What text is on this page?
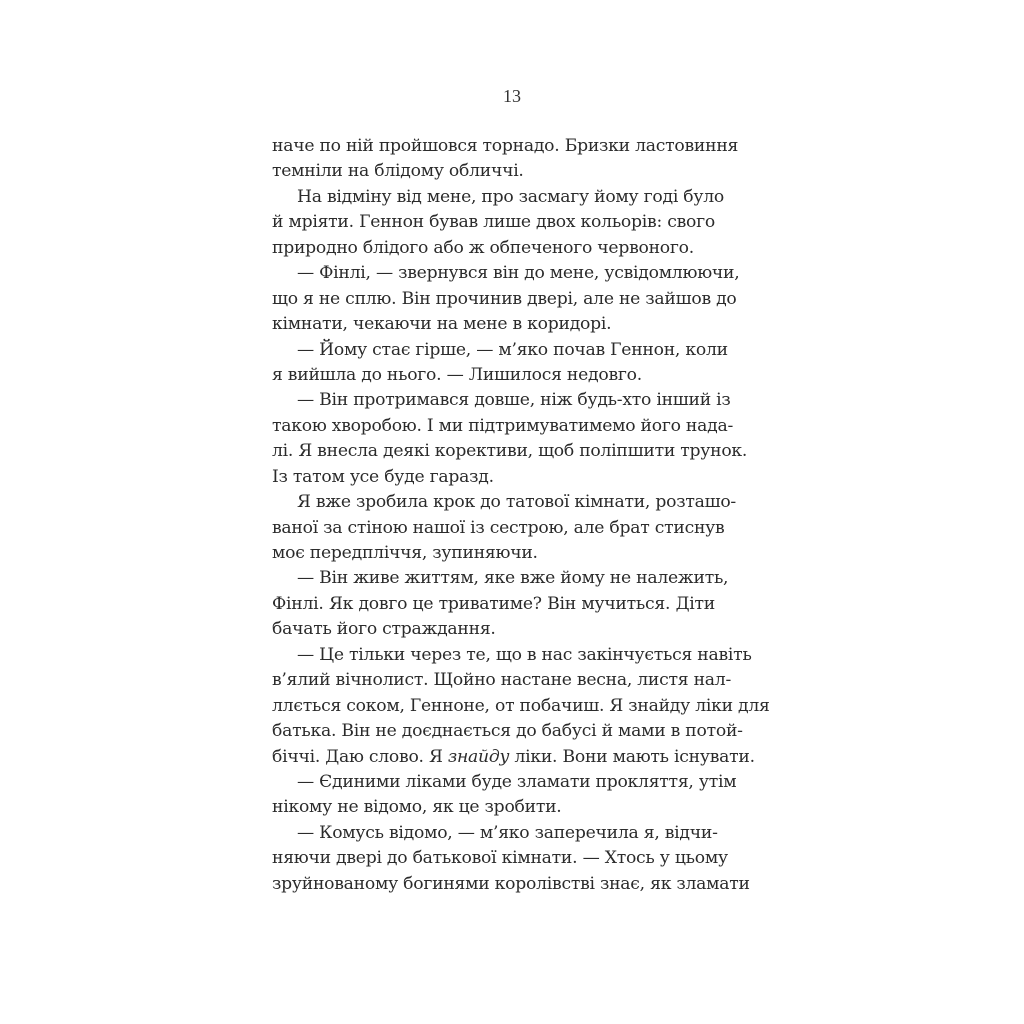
13
наче по ній пройшовся торнадо. Бризки ластовиння
темніли на блідому обличчі.
На відміну від мене, про засмагу йому годі було
й мріяти. Геннон бував лише двох кольорів: свого
природно блідого або ж обпеченого червоного.
— Фінлі, — звернувся він до мене, усвідомлюючи,
що я не сплю. Він прочинив двері, але не зайшов до
кімнати, чекаючи на мене в коридорі.
— Йому стає гірше, — м’яко почав Геннон, коли
я вийшла до нього. — Лишилося недовго.
— Він протримався довше, ніж будь-хто інший із
такою хворобою. І ми підтримуватимемо його нада-
лі. Я внесла деякі корективи, щоб поліпшити трунок.
Із татом усе буде гаразд.
Я вже зробила крок до татової кімнати, розташо-
ваної за стіною нашої із сестрою, але брат стиснув
моє передпліччя, зупиняючи.
— Він живе життям, яке вже йому не належить,
Фінлі. Як довго це триватиме? Він мучиться. Діти
бачать його страждання.
— Це тільки через те, що в нас закінчується навіть
в’ялий вічнолист. Щойно настане весна, листя нал-
ллється соком, Генноне, от побачиш. Я знайду ліки для
батька. Він не доєднається до бабусі й мами в потой-
біччі. Даю слово. Я знайду ліки. Вони мають існувати.
— Єдиними ліками буде зламати прокляття, утім
нікому не відомо, як це зробити.
— Комусь відомо, — м’яко заперечила я, відчи-
няючи двері до батькової кімнати. — Хтось у цьому
зруйнованому богинями королівстві знає, як зламати
